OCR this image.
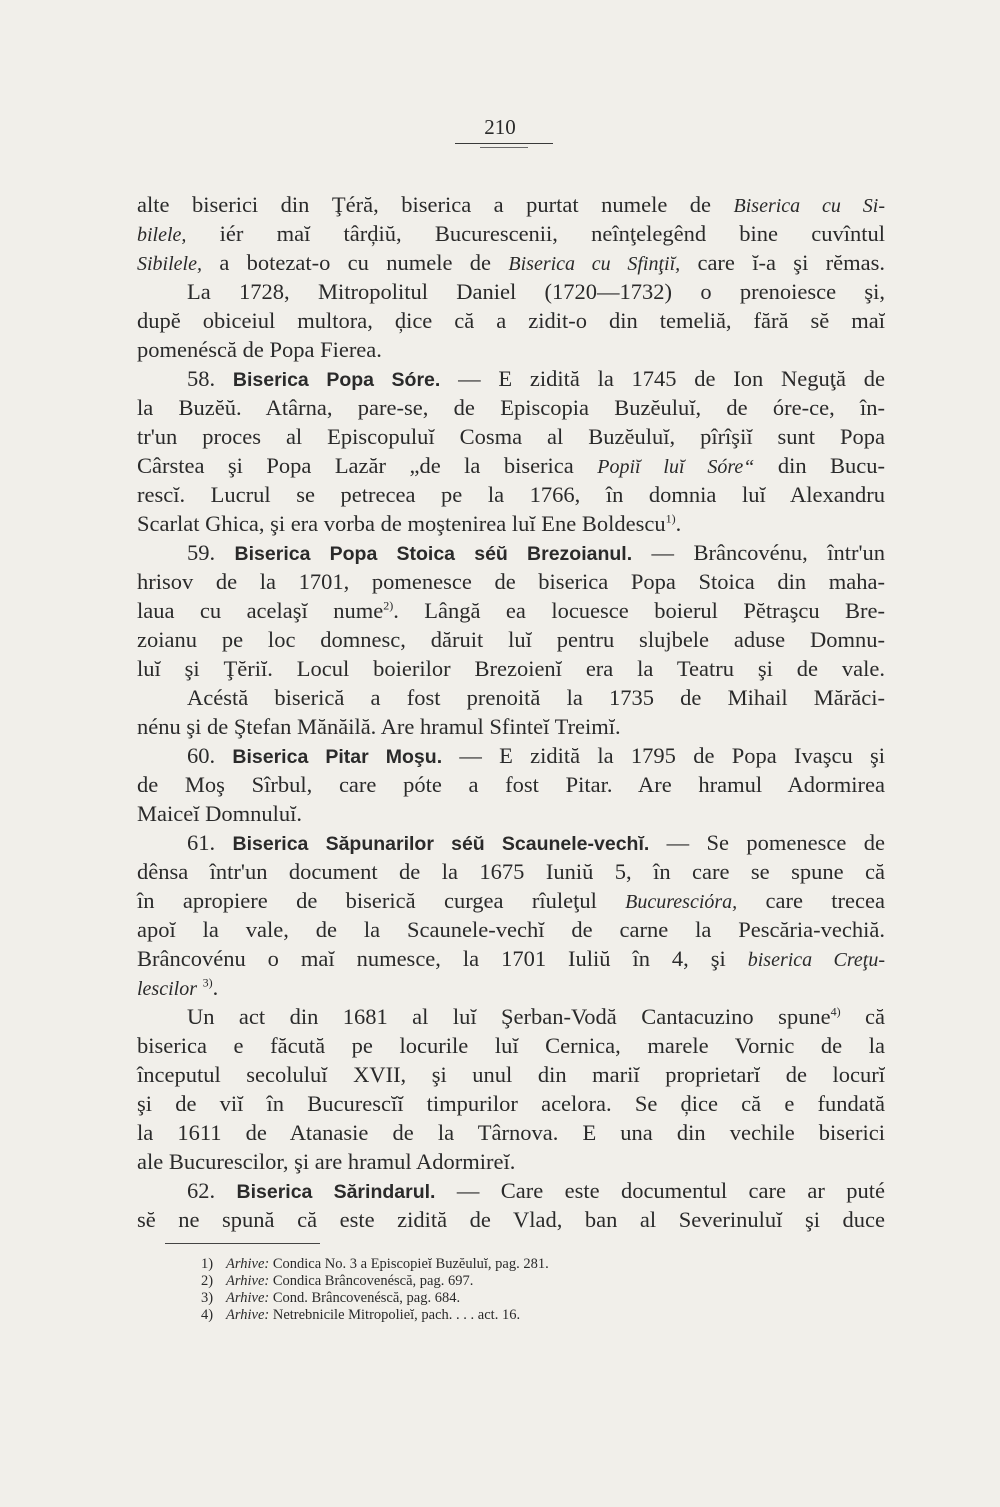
210
alte biserici din Ţéră, biserica a purtat numele de Biserica cu Si-
bilele, iér maĭ târḑiŭ, Bucurescenii, neînţelegênd bine cuvîntul
Sibilele, a botezat-o cu numele de Biserica cu Sfinţiĭ, care ĭ-a şi rĕmas.
La 1728, Mitropolitul Daniel (1720—1732) o prenoiesce şi,
dupĕ obiceiul multora, ḑice că a zidit-o din temeliă, fără sĕ maĭ
pomenéscă de Popa Fierea.
58. Biserica Popa Sóre. — E zidită la 1745 de Ion Neguţă de
la Buzĕŭ. Atârna, pare-se, de Episcopia Buzĕuluĭ, de óre-ce, în-
tr'un proces al Episcopuluĭ Cosma al Buzĕuluĭ, pîrîşiĭ sunt Popa
Cârstea şi Popa Lazăr „de la biserica Popiĭ luĭ Sóre“ din Bucu-
rescĭ. Lucrul se petrecea pe la 1766, în domnia luĭ Alexandru
Scarlat Ghica, şi era vorba de moştenirea luĭ Ene Boldescu$^{1)}$.
59. Biserica Popa Stoica séŭ Brezoianul. — Brâncovénu, într'un
hrisov de la 1701, pomenesce de biserica Popa Stoica din maha-
laua cu acelaşĭ nume$^{2)}$. Lângă ea locuesce boierul Pĕtraşcu Bre-
zoianu pe loc domnesc, dăruit luĭ pentru slujbele aduse Domnu-
luĭ şi Ţĕriĭ. Locul boierilor Brezoienĭ era la Teatru şi de vale.
Acéstă biserică a fost prenoită la 1735 de Mihail Mărăci-
nénu şi de Ştefan Mănăilă. Are hramul Sfinteĭ Treimĭ.
60. Biserica Pitar Moşu. — E zidită la 1795 de Popa Ivaşcu şi
de Moş Sîrbul, care póte a fost Pitar. Are hramul Adormirea
Maiceĭ Domnuluĭ.
61. Biserica Săpunarilor séŭ Scaunele-vechĭ. — Se pomenesce de
dênsa într'un document de la 1675 Iuniŭ 5, în care se spune că
în apropiere de biserică curgea rîuleţul Bucuresciόra, care trecea
apoĭ la vale, de la Scaunele-vechĭ de carne la Pescăria-vechiă.
Brâncovénu o maĭ numesce, la 1701 Iuliŭ în 4, şi biserica Creţu-
lescilor $^{3)}$.
Un act din 1681 al luĭ Şerban-Vodă Cantacuzino spune$^{4)}$ că
biserica e făcută pe locurile luĭ Cernica, marele Vornic de la
începutul secoluluĭ XVII, şi unul din mariĭ proprietarĭ de locurĭ
şi de viĭ în Bucurescĭĭ timpurilor acelora. Se ḑice că e fundată
la 1611 de Atanasie de la Târnova. E una din vechile biserici
ale Bucurescilor, şi are hramul Adormireĭ.
62. Biserica Sărindarul. — Care este documentul care ar puté
sĕ ne spună că este zidită de Vlad, ban al Severinuluĭ şi duce
1) Arhive: Condica No. 3 a Episcopieĭ Buzĕuluĭ, pag. 281.
2) Arhive: Condica Brâncovenéscă, pag. 697.
3) Arhive: Cond. Brâncovenéscă, pag. 684.
4) Arhive: Netrebnicile Mitropolieĭ, pach. . . . act. 16.
